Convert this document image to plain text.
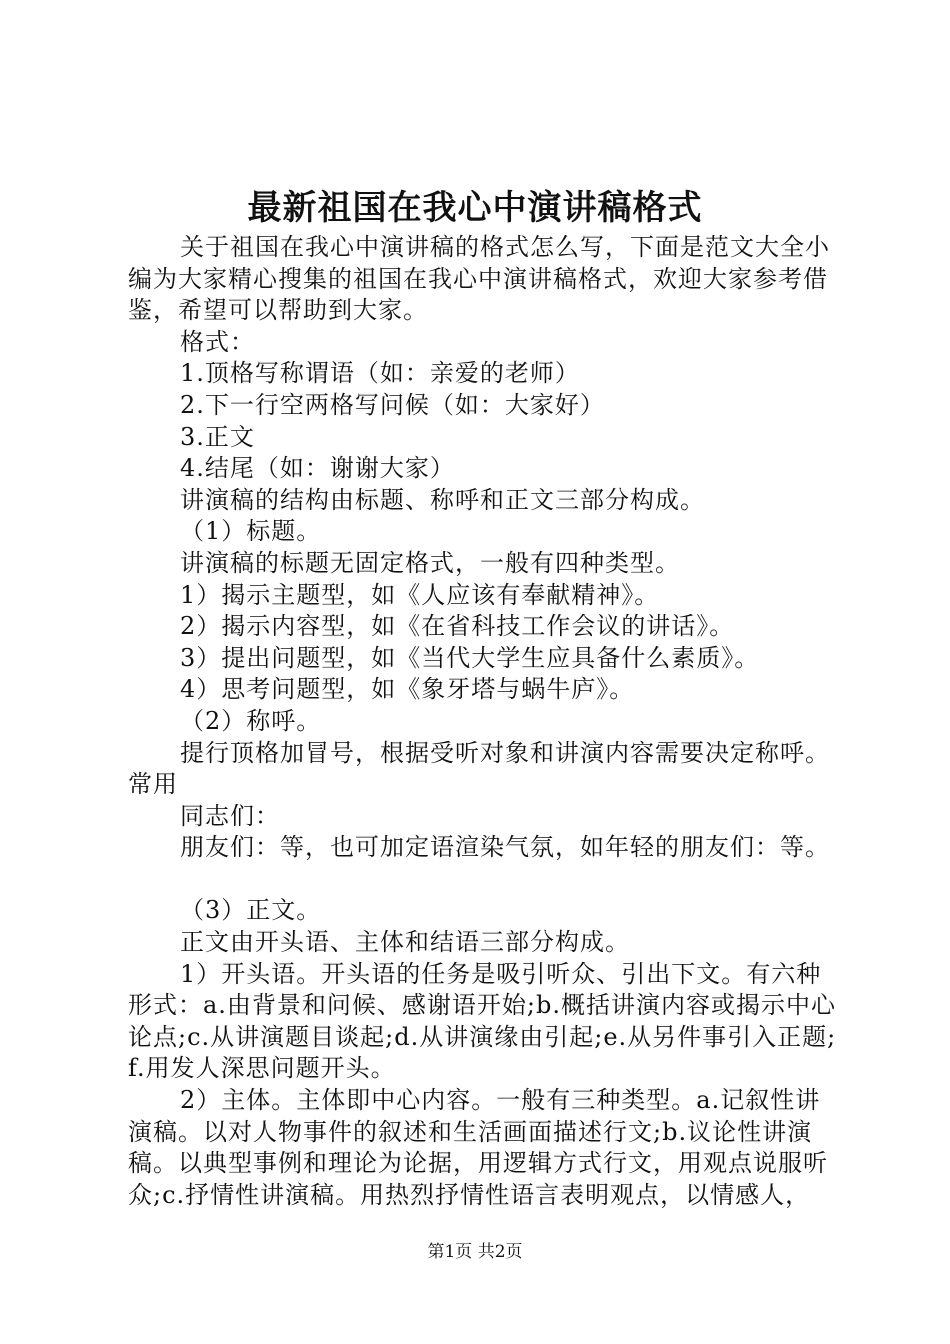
最新祖国在我心中演讲稿格式

关于祖国在我心中演讲稿的格式怎么写，下面是范文大全小编为大家精心搜集的祖国在我心中演讲稿格式，欢迎大家参考借鉴，希望可以帮助到大家。

格式：

1.顶格写称谓语（如：亲爱的老师）

2.下一行空两格写问候（如：大家好）

3.正文

4.结尾（如：谢谢大家）

讲演稿的结构由标题、称呼和正文三部分构成。

（1）标题。

讲演稿的标题无固定格式，一般有四种类型。

1）揭示主题型，如《人应该有奉献精神》。

2）揭示内容型，如《在省科技工作会议的讲话》。

3）提出问题型，如《当代大学生应具备什么素质》。

4）思考问题型，如《象牙塔与蜗牛庐》。

（2）称呼。

提行顶格加冒号，根据受听对象和讲演内容需要决定称呼。常用

同志们：

朋友们：等，也可加定语渲染气氛，如年轻的朋友们：等。

（3）正文。

正文由开头语、主体和结语三部分构成。

1）开头语。开头语的任务是吸引听众、引出下文。有六种形式：a.由背景和问候、感谢语开始;b.概括讲演内容或揭示中心论点;c.从讲演题目谈起;d.从讲演缘由引起;e.从另件事引入正题;f.用发人深思问题开头。

2）主体。主体即中心内容。一般有三种类型。a.记叙性讲演稿。以对人物事件的叙述和生活画面描述行文;b.议论性讲演稿。以典型事例和理论为论据，用逻辑方式行文，用观点说服听众;c.抒情性讲演稿。用热烈抒情性语言表明观点，以情感人，

第1页 共2页
